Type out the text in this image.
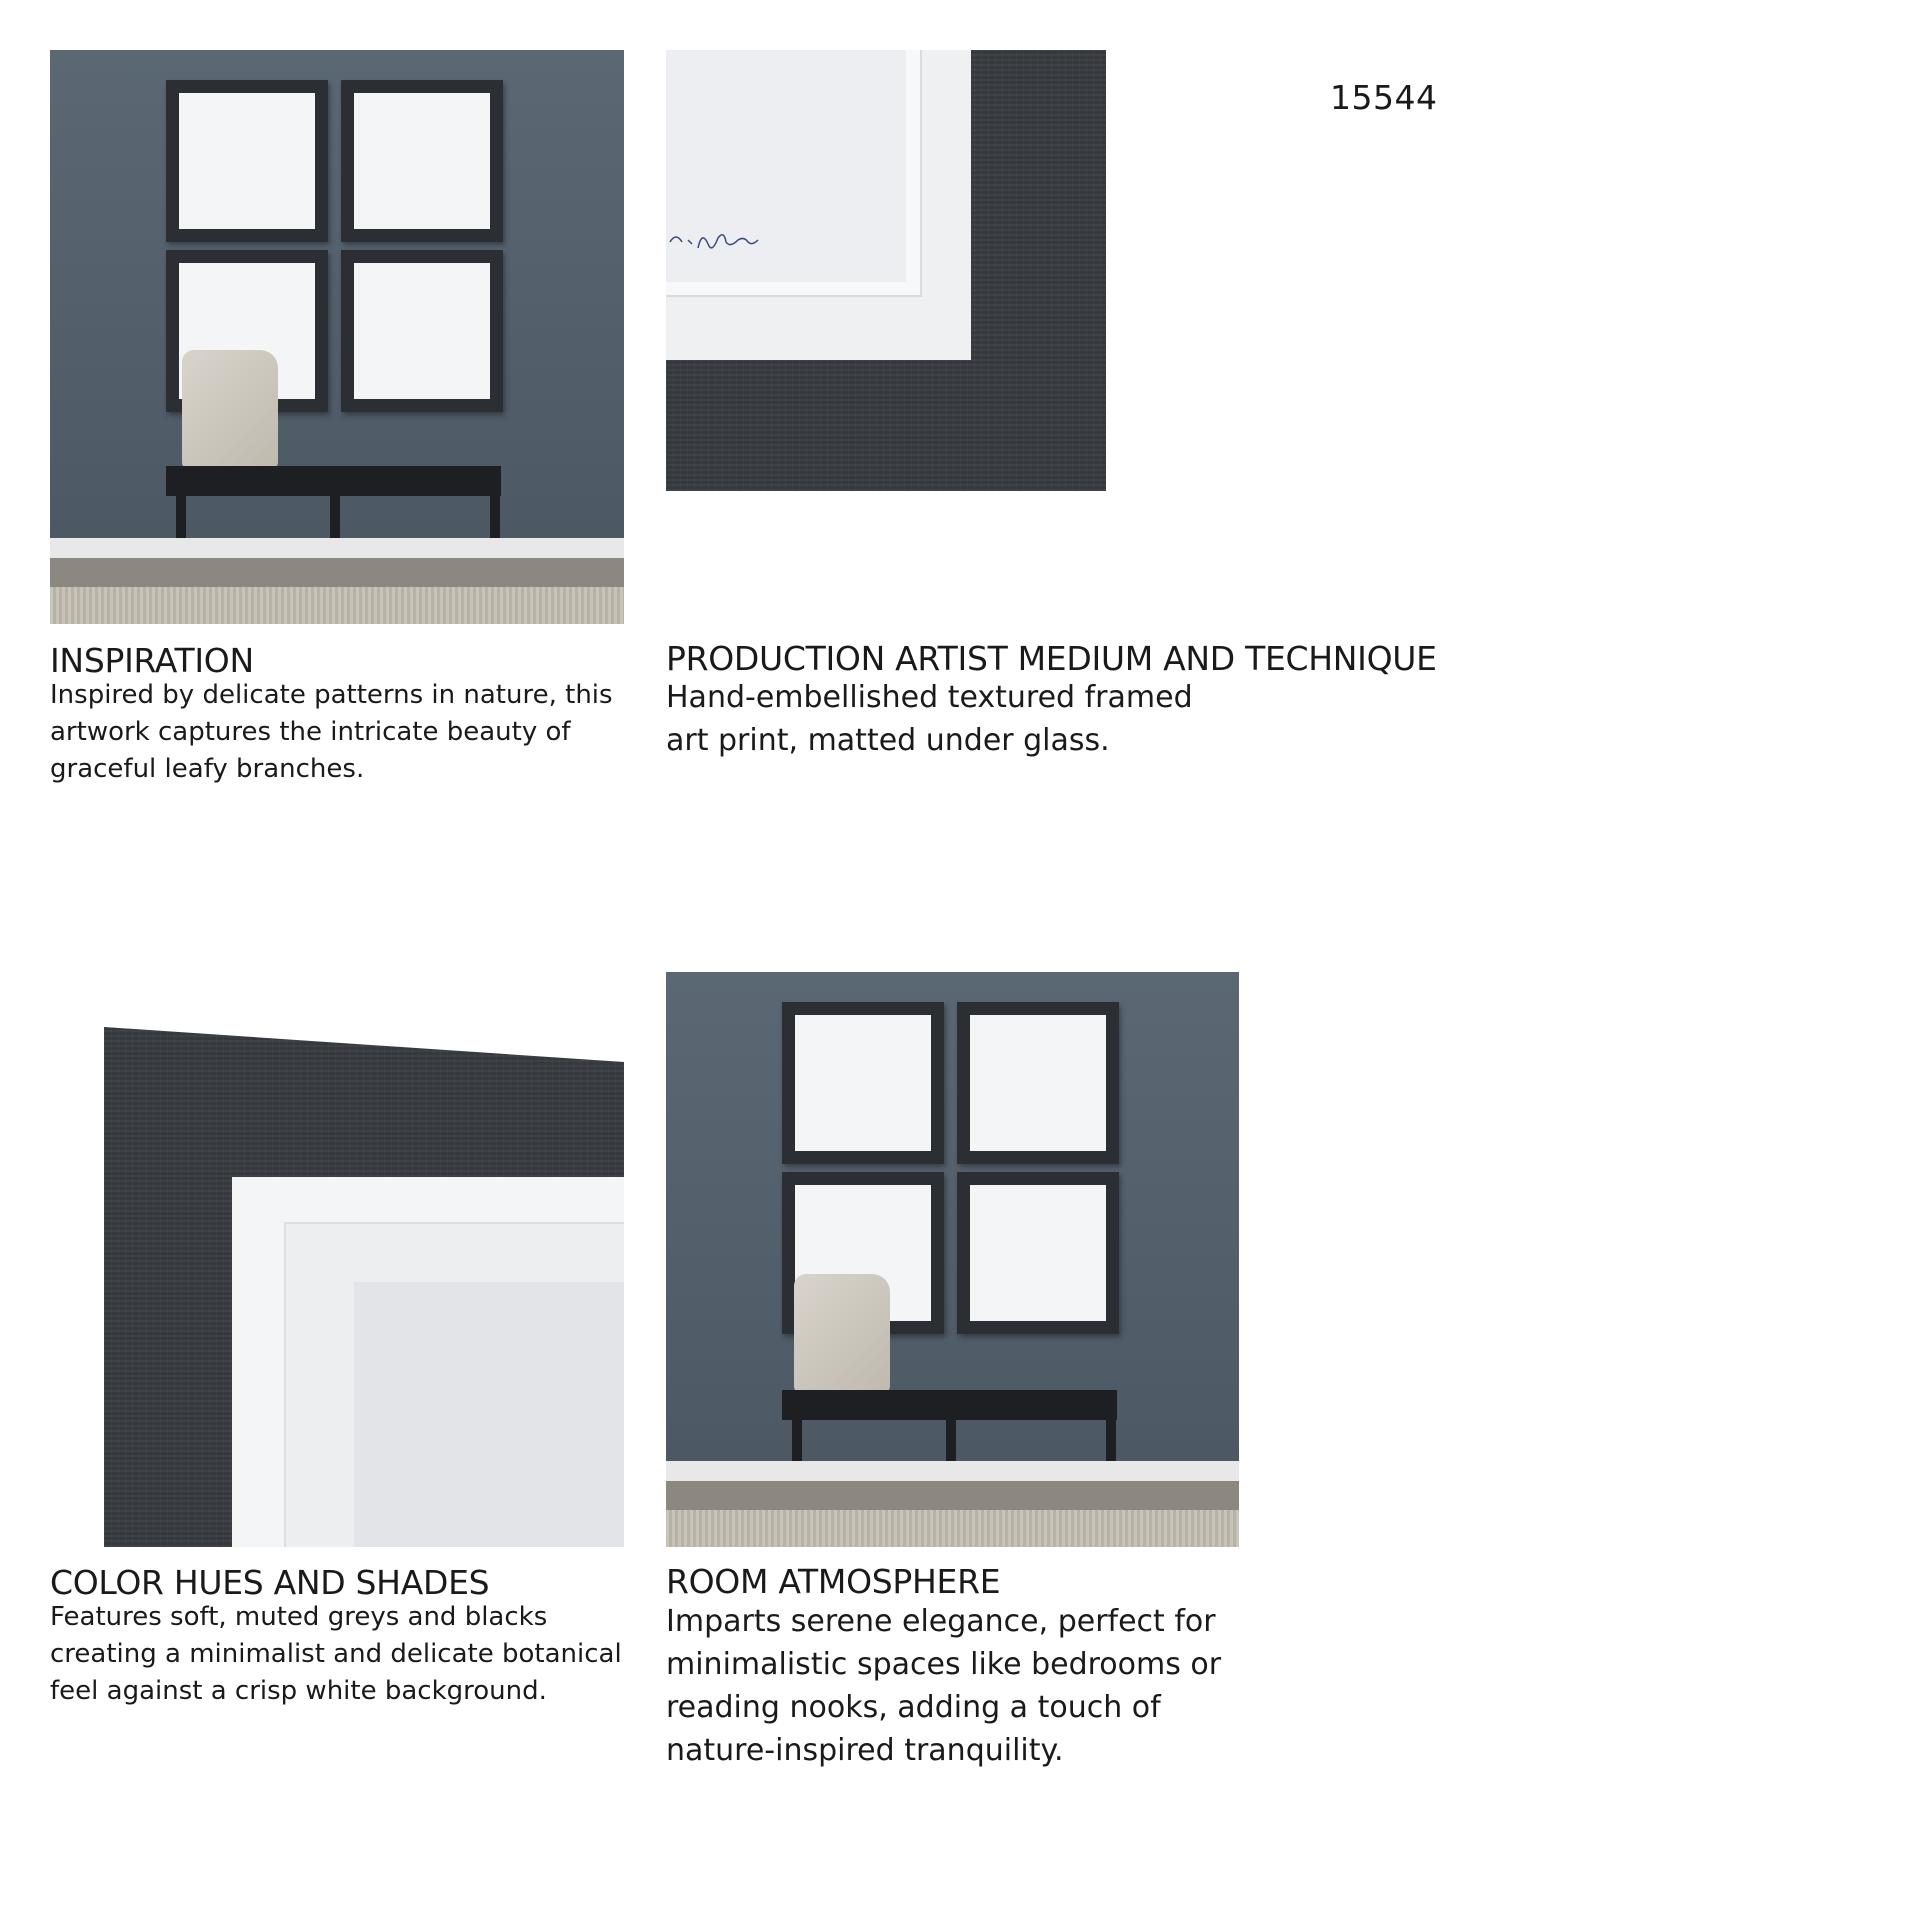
15544
INSPIRATION

Inspired by delicate patterns in nature, this artwork captures the intricate beauty of graceful leafy branches.

PRODUCTION ARTIST MEDIUM AND TECHNIQUE

Hand-embellished textured framed art print, matted under glass.

COLOR HUES AND SHADES

Features soft, muted greys and blacks creating a minimalist and delicate botanical feel against a crisp white background.

ROOM ATMOSPHERE

Imparts serene elegance, perfect for minimalistic spaces like bedrooms or reading nooks, adding a touch of nature-inspired tranquility.
